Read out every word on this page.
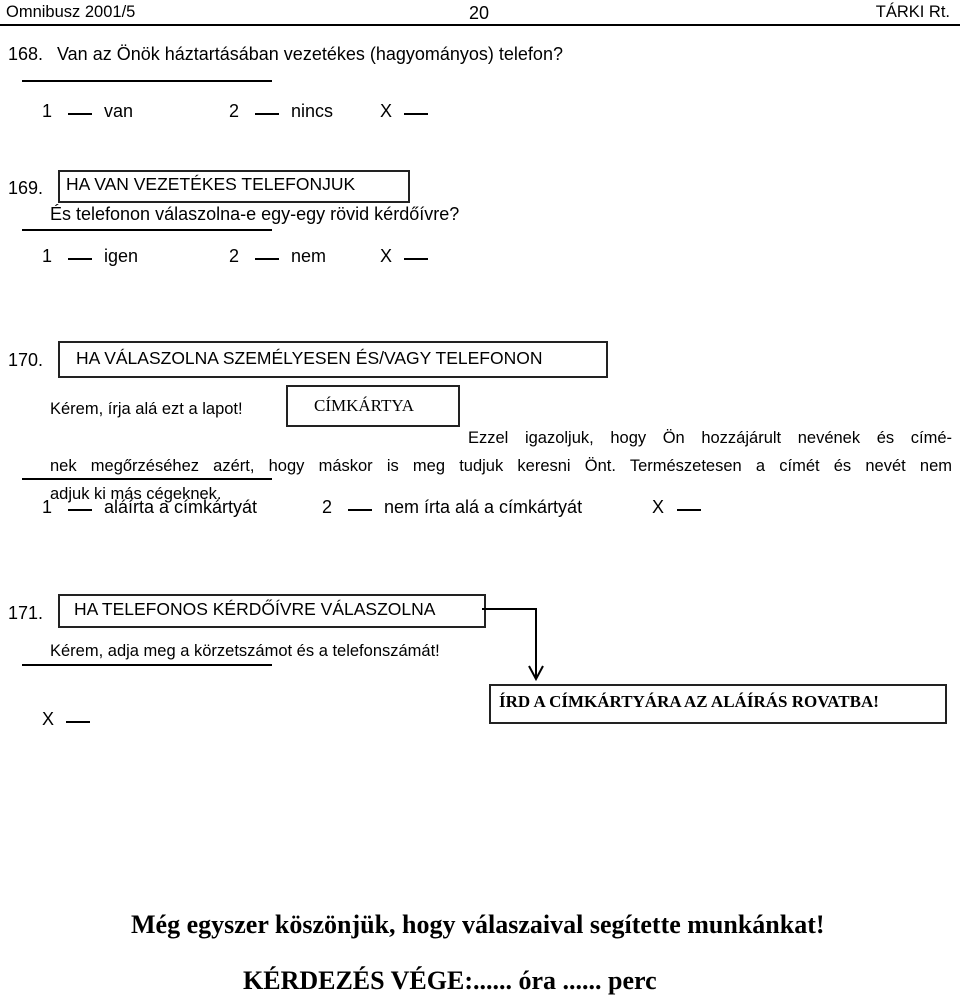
Omnibusz 2001/5	20	TÁRKI Rt.
168. Van az Önök háztartásában vezetékes (hagyományos) telefon?
1	van	2	nincs	X
169. HA VAN VEZETÉKES TELEFONJUK
És telefonon válaszolna-e egy-egy rövid kérdőívre?
1	igen	2	nem	X
170. HA VÁLASZOLNA SZEMÉLYESEN ÉS/VAGY TELEFONON
Kérem, írja alá ezt a lapot!	CÍMKÁRTYA
Ezzel igazoljuk, hogy Ön hozzájárult nevének és címé-
nek megőrzéséhez azért, hogy máskor is meg tudjuk keresni Önt. Természetesen a címét és nevét nem
adjuk ki más cégeknek.
1	aláírta a címkártyát	2	nem írta alá a címkártyát	X
171. HA TELEFONOS KÉRDŐÍVRE VÁLASZOLNA
Kérem, adja meg a körzetszámot és a telefonszámát!
X
ÍRD A CÍMKÁRTYÁRA AZ ALÁÍRÁS ROVATBA!
Még egyszer köszönjük, hogy válaszaival segítette munkánkat!
KÉRDEZÉS VÉGE:...... óra ...... perc
